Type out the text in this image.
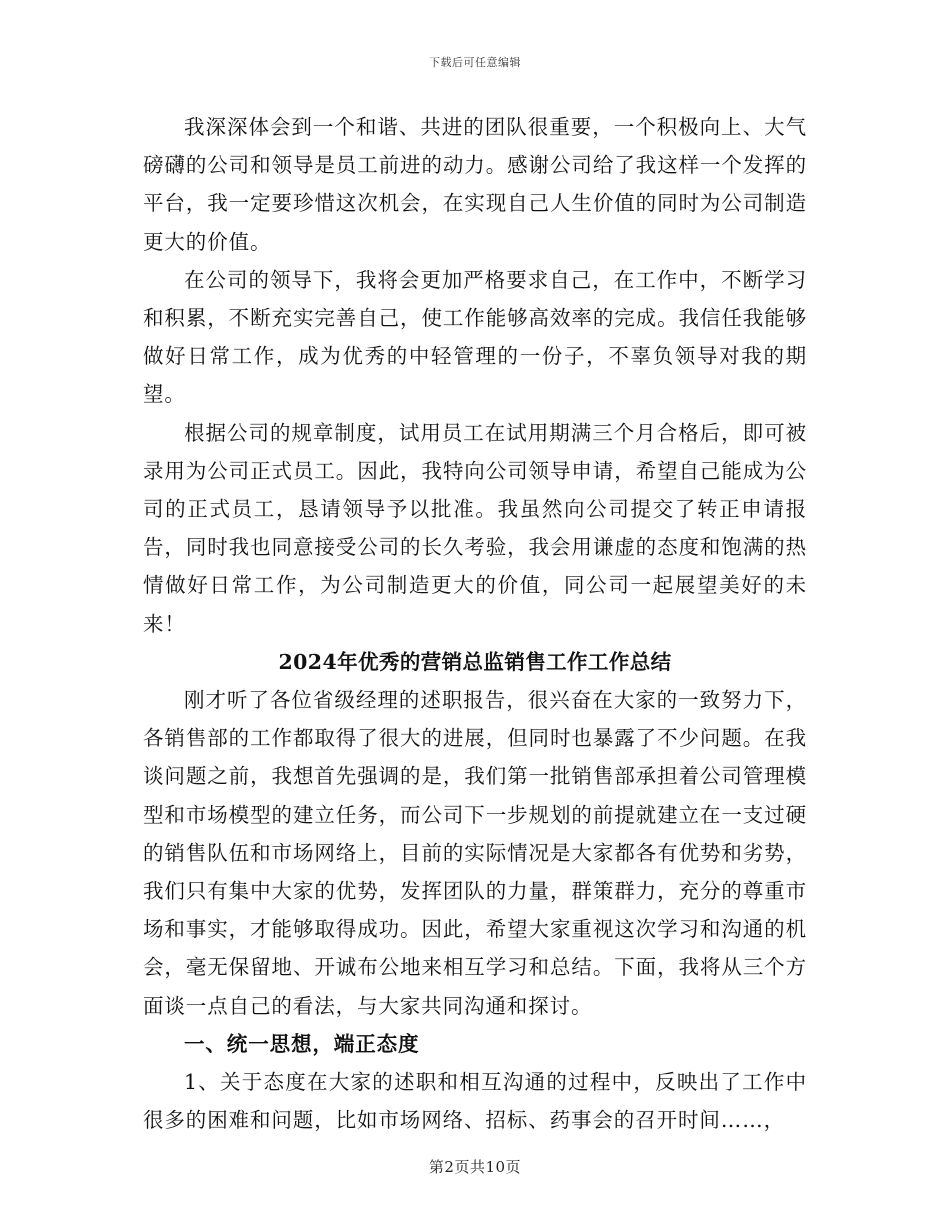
下载后可任意编辑

我深深体会到一个和谐、共进的团队很重要，一个积极向上、大气磅礴的公司和领导是员工前进的动力。感谢公司给了我这样一个发挥的平台，我一定要珍惜这次机会，在实现自己人生价值的同时为公司制造更大的价值。

在公司的领导下，我将会更加严格要求自己，在工作中，不断学习和积累，不断充实完善自己，使工作能够高效率的完成。我信任我能够做好日常工作，成为优秀的中轻管理的一份子，不辜负领导对我的期望。

根据公司的规章制度，试用员工在试用期满三个月合格后，即可被录用为公司正式员工。因此，我特向公司领导申请，希望自己能成为公司的正式员工，恳请领导予以批准。我虽然向公司提交了转正申请报告，同时我也同意接受公司的长久考验，我会用谦虚的态度和饱满的热情做好日常工作，为公司制造更大的价值，同公司一起展望美好的未来！

2024年优秀的营销总监销售工作工作总结

刚才听了各位省级经理的述职报告，很兴奋在大家的一致努力下，各销售部的工作都取得了很大的进展，但同时也暴露了不少问题。在我谈问题之前，我想首先强调的是，我们第一批销售部承担着公司管理模型和市场模型的建立任务，而公司下一步规划的前提就建立在一支过硬的销售队伍和市场网络上，目前的实际情况是大家都各有优势和劣势，我们只有集中大家的优势，发挥团队的力量，群策群力，充分的尊重市场和事实，才能够取得成功。因此，希望大家重视这次学习和沟通的机会，毫无保留地、开诚布公地来相互学习和总结。下面，我将从三个方面谈一点自己的看法，与大家共同沟通和探讨。

一、统一思想，端正态度

1、关于态度在大家的述职和相互沟通的过程中，反映出了工作中很多的困难和问题，比如市场网络、招标、药事会的召开时间……，

第2页共10页
